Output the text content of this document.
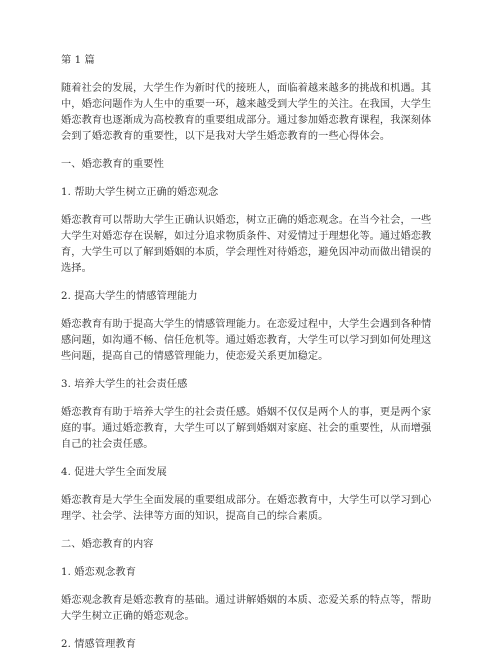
第 1 篇
随着社会的发展，大学生作为新时代的接班人，面临着越来越多的挑战和机遇。其
中，婚恋问题作为人生中的重要一环，越来越受到大学生的关注。在我国，大学生
婚恋教育也逐渐成为高校教育的重要组成部分。通过参加婚恋教育课程，我深刻体
会到了婚恋教育的重要性，以下是我对大学生婚恋教育的一些心得体会。
一、婚恋教育的重要性
1. 帮助大学生树立正确的婚恋观念
婚恋教育可以帮助大学生正确认识婚恋，树立正确的婚恋观念。在当今社会，一些
大学生对婚恋存在误解，如过分追求物质条件、对爱情过于理想化等。通过婚恋教
育，大学生可以了解到婚姻的本质，学会理性对待婚恋，避免因冲动而做出错误的
选择。
2. 提高大学生的情感管理能力
婚恋教育有助于提高大学生的情感管理能力。在恋爱过程中，大学生会遇到各种情
感问题，如沟通不畅、信任危机等。通过婚恋教育，大学生可以学习到如何处理这
些问题，提高自己的情感管理能力，使恋爱关系更加稳定。
3. 培养大学生的社会责任感
婚恋教育有助于培养大学生的社会责任感。婚姻不仅仅是两个人的事，更是两个家
庭的事。通过婚恋教育，大学生可以了解到婚姻对家庭、社会的重要性，从而增强
自己的社会责任感。
4. 促进大学生全面发展
婚恋教育是大学生全面发展的重要组成部分。在婚恋教育中，大学生可以学习到心
理学、社会学、法律等方面的知识，提高自己的综合素质。
二、婚恋教育的内容
1. 婚恋观念教育
婚恋观念教育是婚恋教育的基础。通过讲解婚姻的本质、恋爱关系的特点等，帮助
大学生树立正确的婚恋观念。
2. 情感管理教育
